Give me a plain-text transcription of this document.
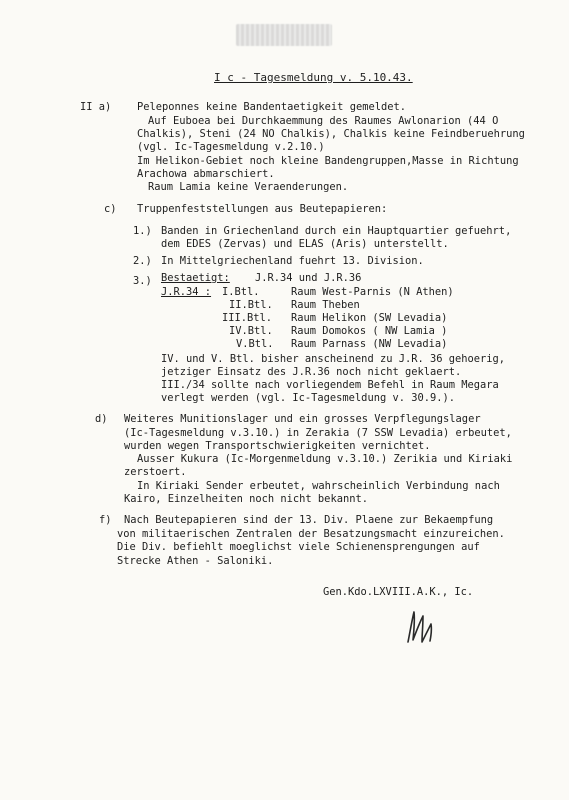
I c - Tagesmeldung v. 5.10.43.
II a) Peleponnes keine Bandentaetigkeit gemeldet.
Auf Euboea bei Durchkaemmung des Raumes Awlonarion (44 O
Chalkis), Steni (24 NO Chalkis), Chalkis keine Feindberuehrung
(vgl. Ic-Tagesmeldung v.2.10.)
Im Helikon-Gebiet noch kleine Bandengruppen,Masse in Richtung
Arachowa abmarschiert.
Raum Lamia keine Veraenderungen.
c) Truppenfeststellungen aus Beutepapieren:
1.) Banden in Griechenland durch ein Hauptquartier gefuehrt,
dem EDES (Zervas) und ELAS (Aris) unterstellt.
2.) In Mittelgriechenland fuehrt 13. Division.
3.) Bestaetigt: J.R.34 und J.R.36
J.R.34 : I.Btl.	Raum West-Parnis (N Athen)
II.Btl. Raum Theben
III.Btl. Raum Helikon (SW Levadia)
IV.Btl. Raum Domokos ( NW Lamia )
V.Btl. Raum Parnass (NW Levadia)
IV. und V. Btl. bisher anscheinend zu J.R. 36 gehoerig,
jetziger Einsatz des J.R.36 noch nicht geklaert.
III./34 sollte nach vorliegendem Befehl in Raum Megara
verlegt werden (vgl. Ic-Tagesmeldung v. 30.9.).
d) Weiteres Munitionslager und ein grosses Verpflegungslager
(Ic-Tagesmeldung v.3.10.) in Zerakia (7 SSW Levadia) erbeutet,
wurden wegen Transportschwierigkeiten vernichtet.
Ausser Kukura (Ic-Morgenmeldung v.3.10.) Zerikia und Kiriaki
zerstoert.
In Kiriaki Sender erbeutet, wahrscheinlich Verbindung nach
Kairo, Einzelheiten noch nicht bekannt.
f) Nach Beutepapieren sind der 13. Div. Plaene zur Bekaempfung
von militaerischen Zentralen der Besatzungsmacht einzureichen.
Die Div. befiehlt moeglichst viele Schienensprengungen auf
Strecke Athen - Saloniki.
Gen.Kdo.LXVIII.A.K., Ic.
